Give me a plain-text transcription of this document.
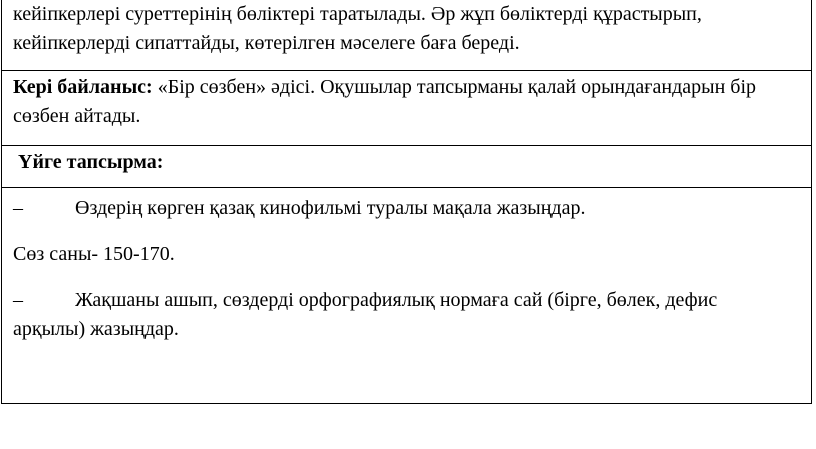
кейіпкерлері суреттерінің бөліктері таратылады. Әр жұп бөліктерді құрастырып,

кейіпкерлерді сипаттайды, көтерілген мәселеге баға береді.

Кері байланыс: «Бір сөзбен» әдісі. Оқушылар тапсырманы қалай орындағандарын бір

сөзбен айтады.

Үйге тапсырма:

–	Өздерің көрген қазақ кинофильмі туралы мақала жазыңдар.

Сөз саны- 150-170.

–	Жақшаны ашып, сөздерді орфографиялық нормаға сай (бірге, бөлек, дефис

арқылы) жазыңдар.
